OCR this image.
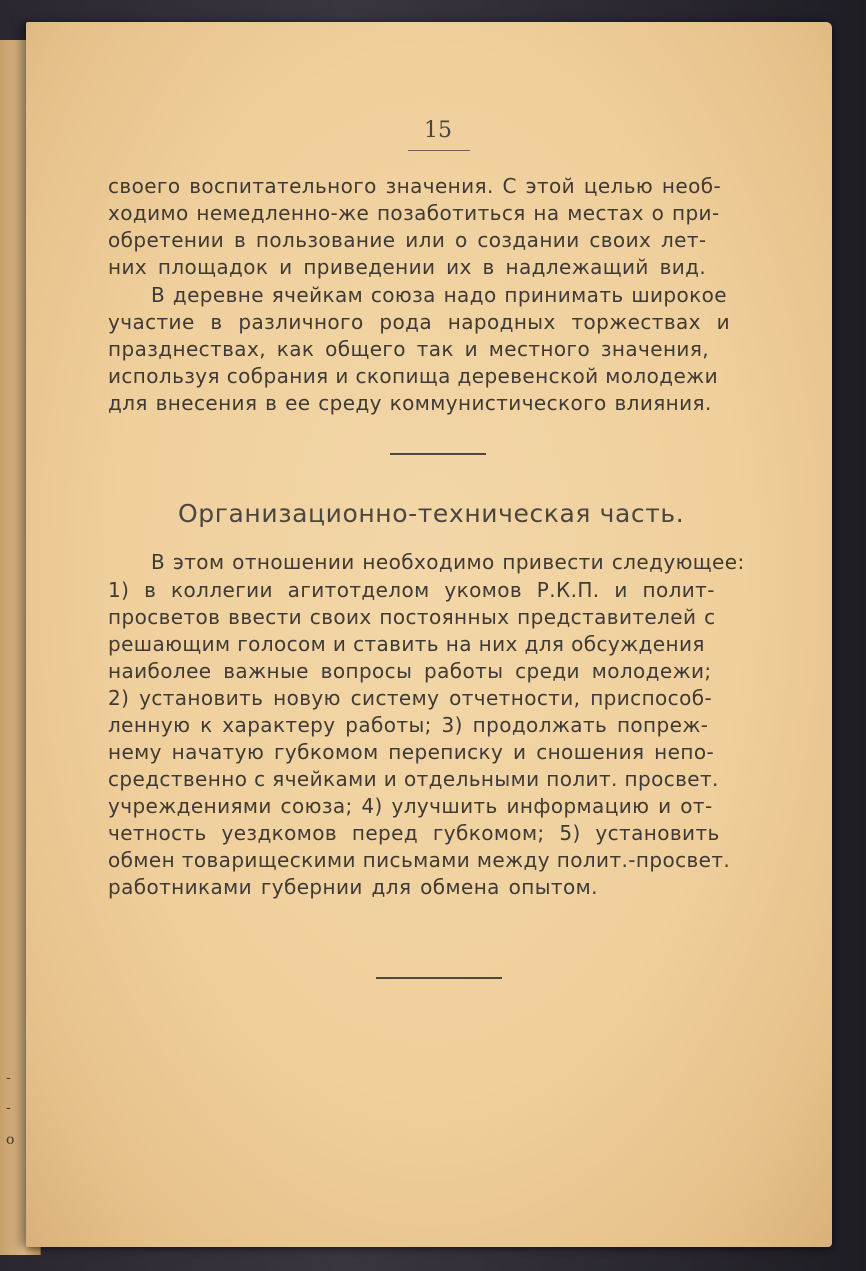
-
-
о
15
своего воспитательного значения. С этой целью необ-
ходимо немедленно-же позаботиться на местах о при-
обретении в пользование или о создании своих лет-
них площадок и приведении их в надлежащий вид.
В деревне ячейкам союза надо принимать широкое
участие в различного рода народных торжествах и
празднествах, как общего так и местного значения,
используя собрания и скопища деревенской молодежи
для внесения в ее среду коммунистического влияния.
Организационно-техническая часть.
В этом отношении необходимо привести следующее:
1) в коллегии агитотделом укомов Р.К.П. и полит-
просветов ввести своих постоянных представителей с
решающим голосом и ставить на них для обсуждения
наиболее важные вопросы работы среди молодежи;
2) установить новую систему отчетности, приспособ-
ленную к характеру работы; 3) продолжать попреж-
нему начатую губкомом переписку и сношения непо-
средственно с ячейками и отдельными полит. просвет.
учреждениями союза; 4) улучшить информацию и от-
четность уездкомов перед губкомом; 5) установить
обмен товарищескими письмами между полит.-просвет.
работниками губернии для обмена опытом.
